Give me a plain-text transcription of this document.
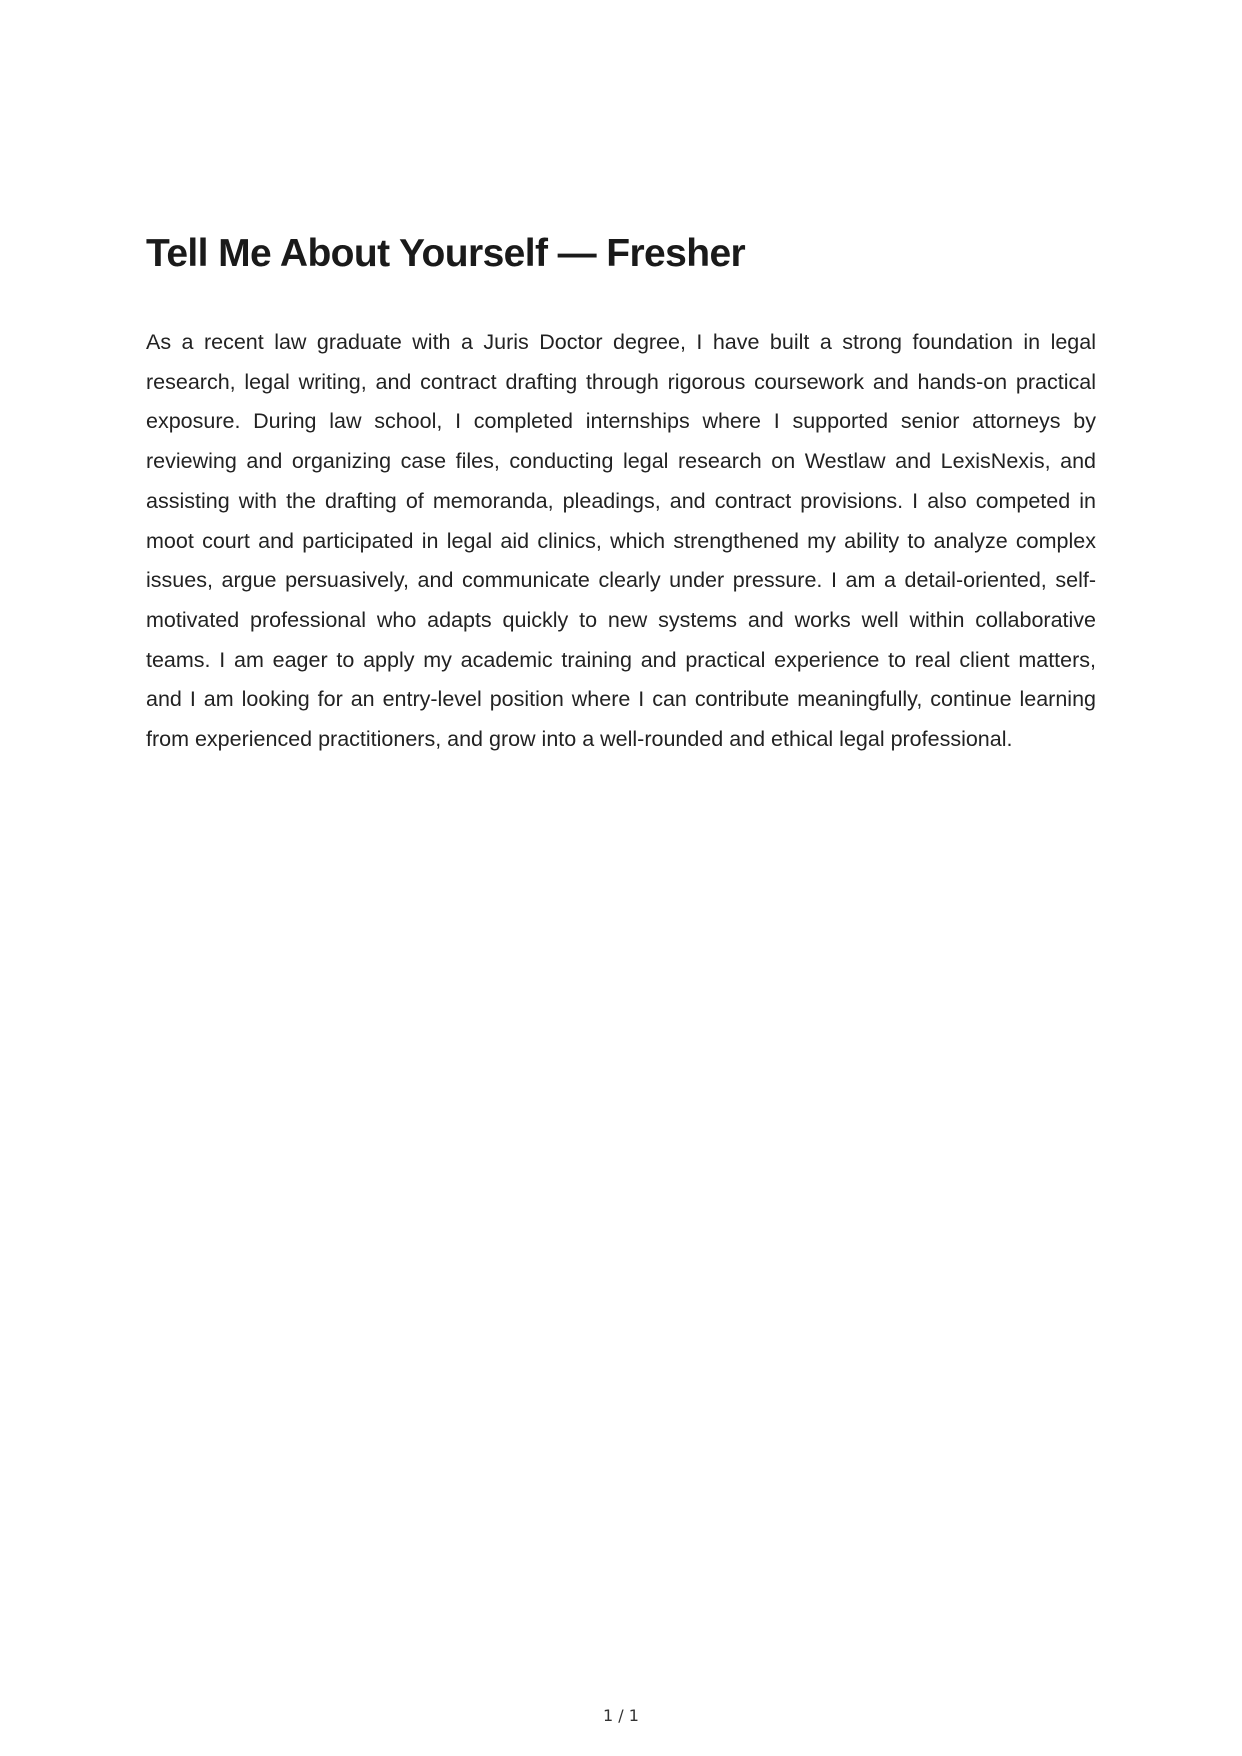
Tell Me About Yourself — Fresher

As a recent law graduate with a Juris Doctor degree, I have built a strong foundation in legal research, legal writing, and contract drafting through rigorous coursework and hands-on practical exposure. During law school, I completed internships where I supported senior attorneys by reviewing and organizing case files, conducting legal research on Westlaw and LexisNexis, and assisting with the drafting of memoranda, pleadings, and contract provisions. I also competed in moot court and participated in legal aid clinics, which strengthened my ability to analyze complex issues, argue persuasively, and communicate clearly under pressure. I am a detail-oriented, self-motivated professional who adapts quickly to new systems and works well within collaborative teams. I am eager to apply my academic training and practical experience to real client matters, and I am looking for an entry-level position where I can contribute meaningfully, continue learning from experienced practitioners, and grow into a well-rounded and ethical legal professional.

1 / 1
